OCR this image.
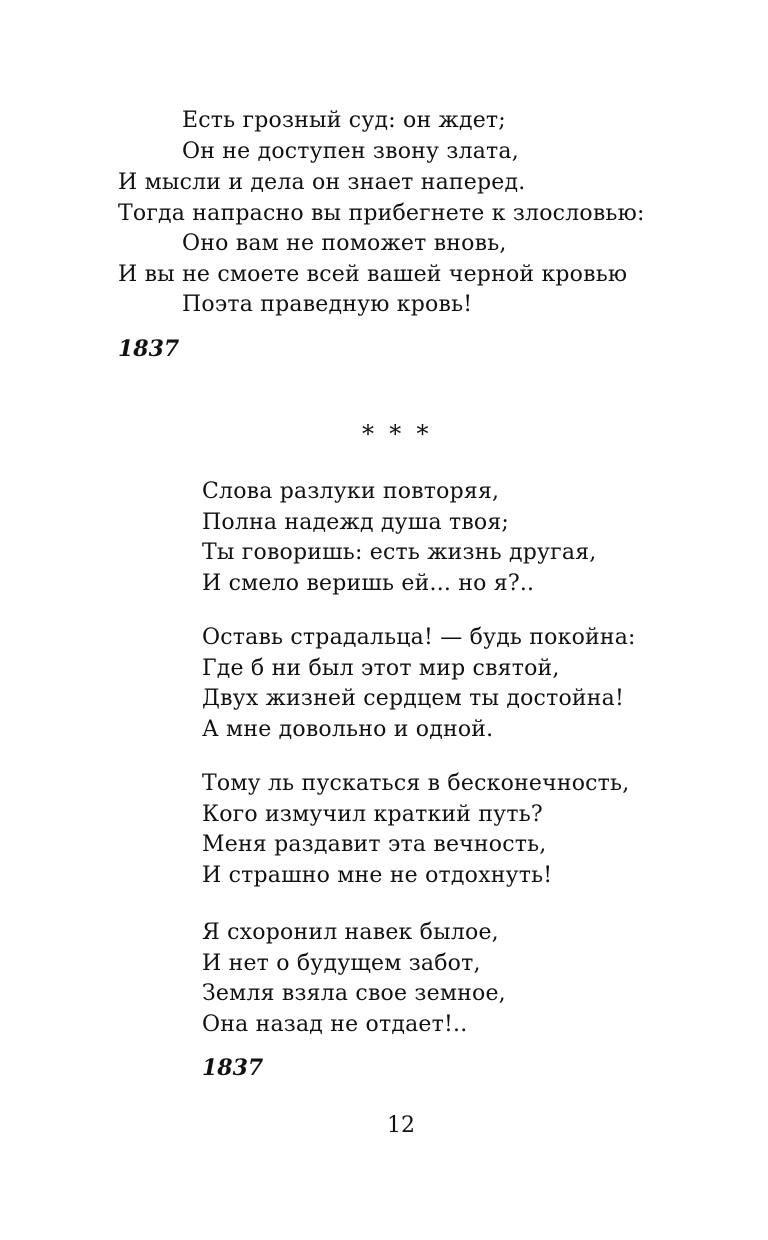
Есть грозный суд: он ждет;
Он не доступен звону злата,
И мысли и дела он знает наперед.
Тогда напрасно вы прибегнете к злословью:
Оно вам не поможет вновь,
И вы не смоете всей вашей черной кровью
Поэта праведную кровь!
1837
*  *  *
Слова разлуки повторяя,
Полна надежд душа твоя;
Ты говоришь: есть жизнь другая,
И смело веришь ей... но я?..
Оставь страдальца! — будь покойна:
Где б ни был этот мир святой,
Двух жизней сердцем ты достойна!
А мне довольно и одной.
Тому ль пускаться в бесконечность,
Кого измучил краткий путь?
Меня раздавит эта вечность,
И страшно мне не отдохнуть!
Я схоронил навек былое,
И нет о будущем забот,
Земля взяла свое земное,
Она назад не отдает!..
1837
12
